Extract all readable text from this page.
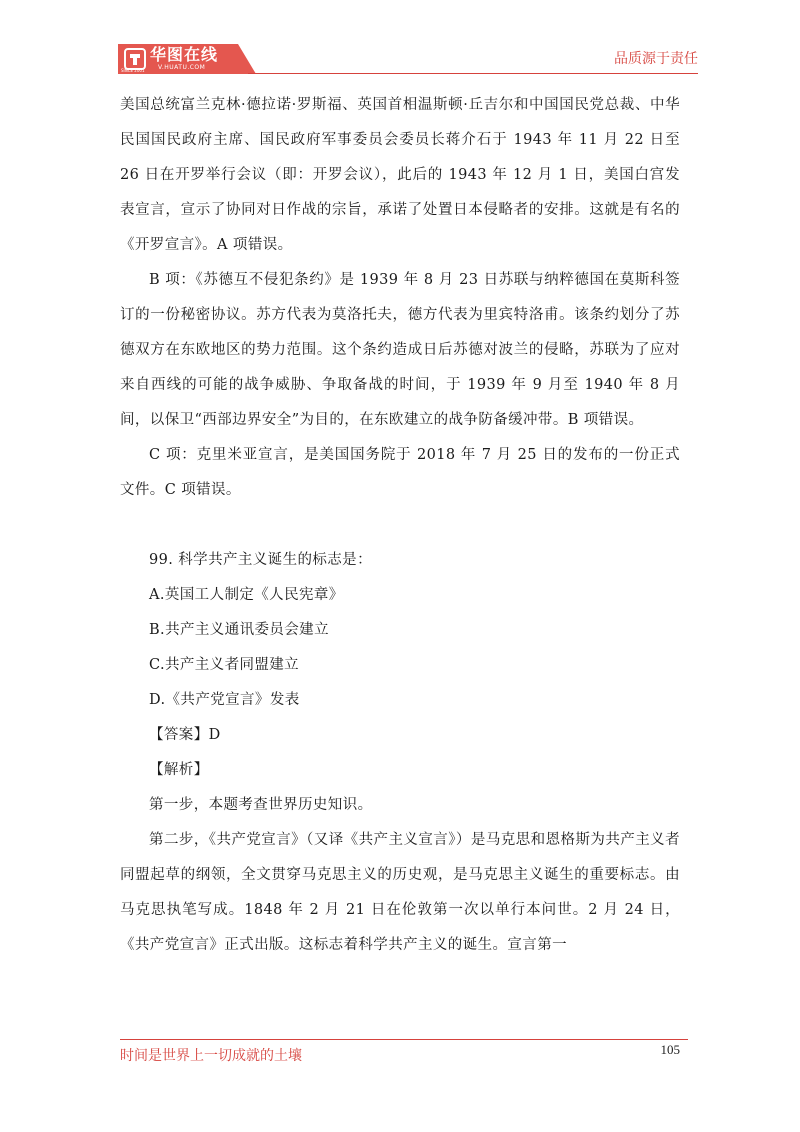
华图在线
V.HUATU.COM
SINCE 2001
品质源于责任

美国总统富兰克林·德拉诺·罗斯福、英国首相温斯顿·丘吉尔和中国国民党总裁、中华民国国民政府主席、国民政府军事委员会委员长蒋介石于 1943 年 11 月 22 日至 26 日在开罗举行会议（即：开罗会议），此后的 1943 年 12 月 1 日，美国白宫发表宣言，宣示了协同对日作战的宗旨，承诺了处置日本侵略者的安排。这就是有名的《开罗宣言》。A 项错误。

B 项：《苏德互不侵犯条约》是 1939 年 8 月 23 日苏联与纳粹德国在莫斯科签订的一份秘密协议。苏方代表为莫洛托夫，德方代表为里宾特洛甫。该条约划分了苏德双方在东欧地区的势力范围。这个条约造成日后苏德对波兰的侵略，苏联为了应对来自西线的可能的战争威胁、争取备战的时间，于 1939 年 9 月至 1940 年 8 月间，以保卫“西部边界安全”为目的，在东欧建立的战争防备缓冲带。B 项错误。

C 项：克里米亚宣言，是美国国务院于 2018 年 7 月 25 日的发布的一份正式文件。C 项错误。

99. 科学共产主义诞生的标志是：

A.英国工人制定《人民宪章》

B.共产主义通讯委员会建立

C.共产主义者同盟建立

D.《共产党宣言》发表

【答案】D

【解析】

第一步，本题考查世界历史知识。

第二步，《共产党宣言》（又译《共产主义宣言》）是马克思和恩格斯为共产主义者同盟起草的纲领，全文贯穿马克思主义的历史观，是马克思主义诞生的重要标志。由马克思执笔写成。1848 年 2 月 21 日在伦敦第一次以单行本问世。2 月 24 日，《共产党宣言》正式出版。这标志着科学共产主义的诞生。宣言第一

时间是世界上一切成就的土壤	105
